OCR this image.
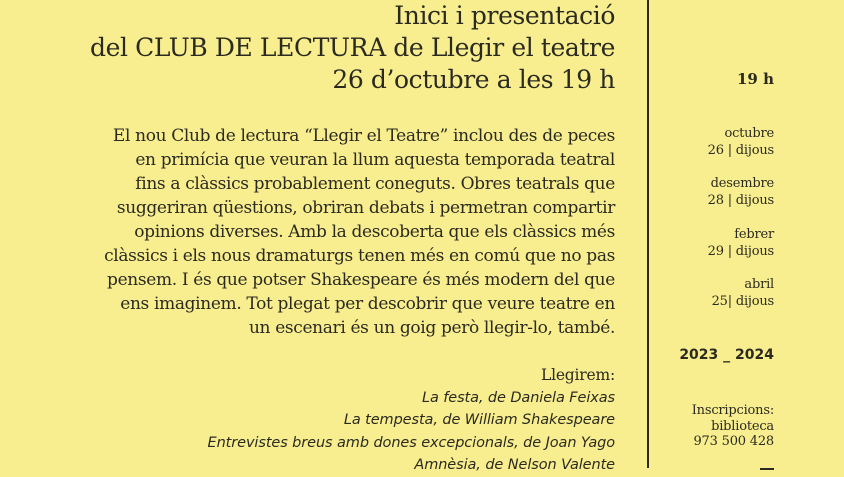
Inici i presentació
del CLUB DE LECTURA de Llegir el teatre
26 d’octubre a les 19 h
El nou Club de lectura “Llegir el Teatre” inclou des de peces
en primícia que veuran la llum aquesta temporada teatral
fins a clàssics probablement coneguts. Obres teatrals que
suggeriran qüestions, obriran debats i permetran compartir
opinions diverses. Amb la descoberta que els clàssics més
clàssics i els nous dramaturgs tenen més en comú que no pas
pensem. I és que potser Shakespeare és més modern del que
ens imaginem. Tot plegat per descobrir que veure teatre en
un escenari és un goig però llegir-lo, també.
Llegirem:
La festa, de Daniela Feixas
La tempesta, de William Shakespeare
Entrevistes breus amb dones excepcionals, de Joan Yago
Amnèsia, de Nelson Valente
19 h
octubre
26 | dijous
desembre
28 | dijous
febrer
29 | dijous
abril
25| dijous
2023 _ 2024
Inscripcions:
biblioteca
973 500 428
